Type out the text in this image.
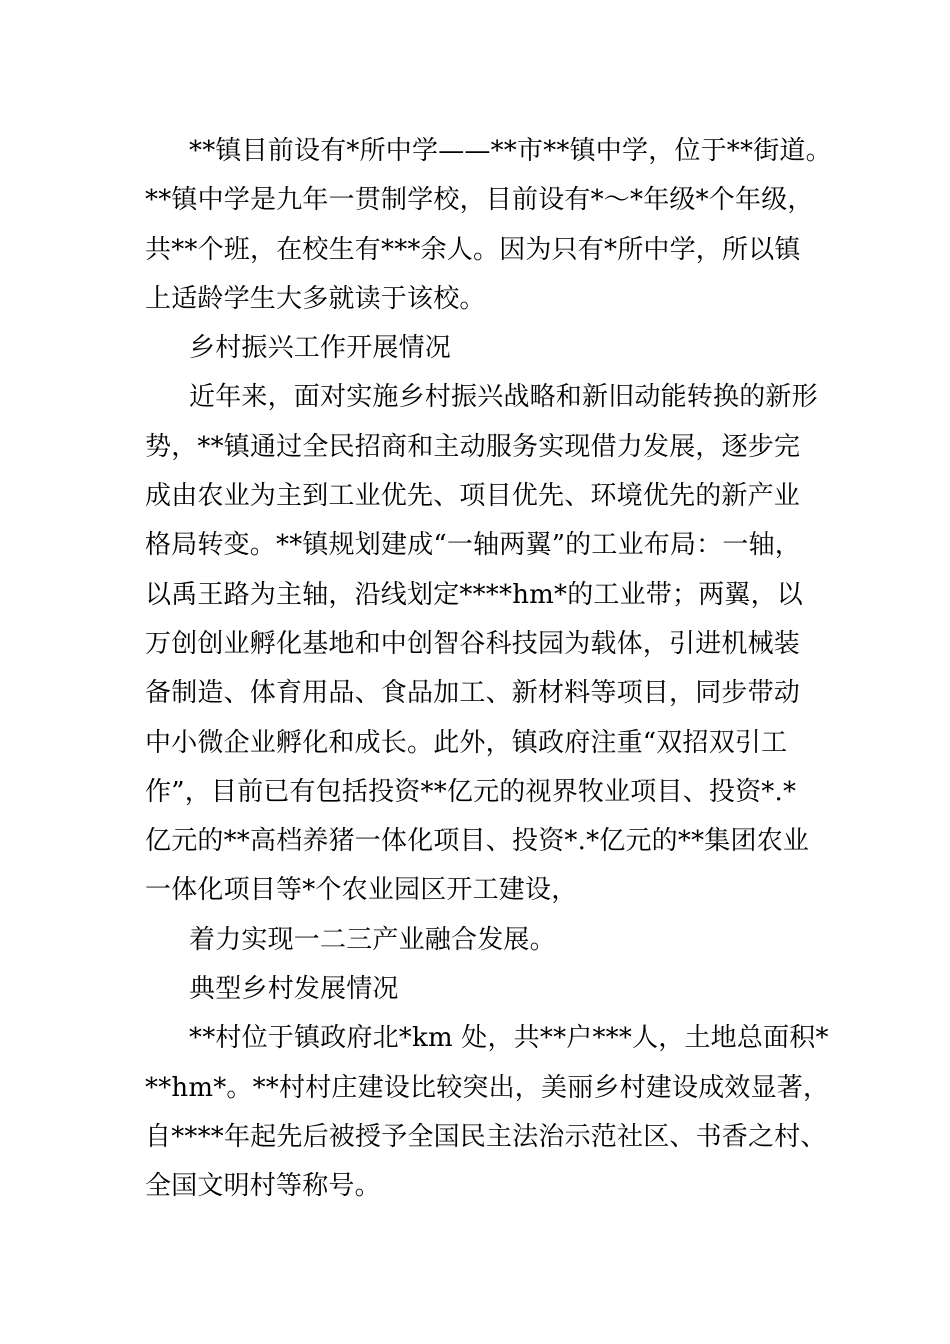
**镇目前设有*所中学——**市**镇中学，位于**街道。
**镇中学是九年一贯制学校，目前设有*～*年级*个年级，
共**个班，在校生有***余人。因为只有*所中学，所以镇
上适龄学生大多就读于该校。
乡村振兴工作开展情况
近年来，面对实施乡村振兴战略和新旧动能转换的新形
势，**镇通过全民招商和主动服务实现借力发展，逐步完
成由农业为主到工业优先、项目优先、环境优先的新产业
格局转变。**镇规划建成“一轴两翼”的工业布局：一轴，
以禹王路为主轴，沿线划定****hm*的工业带；两翼，以
万创创业孵化基地和中创智谷科技园为载体，引进机械装
备制造、体育用品、食品加工、新材料等项目，同步带动
中小微企业孵化和成长。此外，镇政府注重“双招双引工
作”，目前已有包括投资**亿元的视界牧业项目、投资*.*
亿元的**高档养猪一体化项目、投资*.*亿元的**集团农业
一体化项目等*个农业园区开工建设，
着力实现一二三产业融合发展。
典型乡村发展情况
**村位于镇政府北*km 处，共**户***人，土地总面积*
**hm*。**村村庄建设比较突出，美丽乡村建设成效显著，
自****年起先后被授予全国民主法治示范社区、书香之村、
全国文明村等称号。
